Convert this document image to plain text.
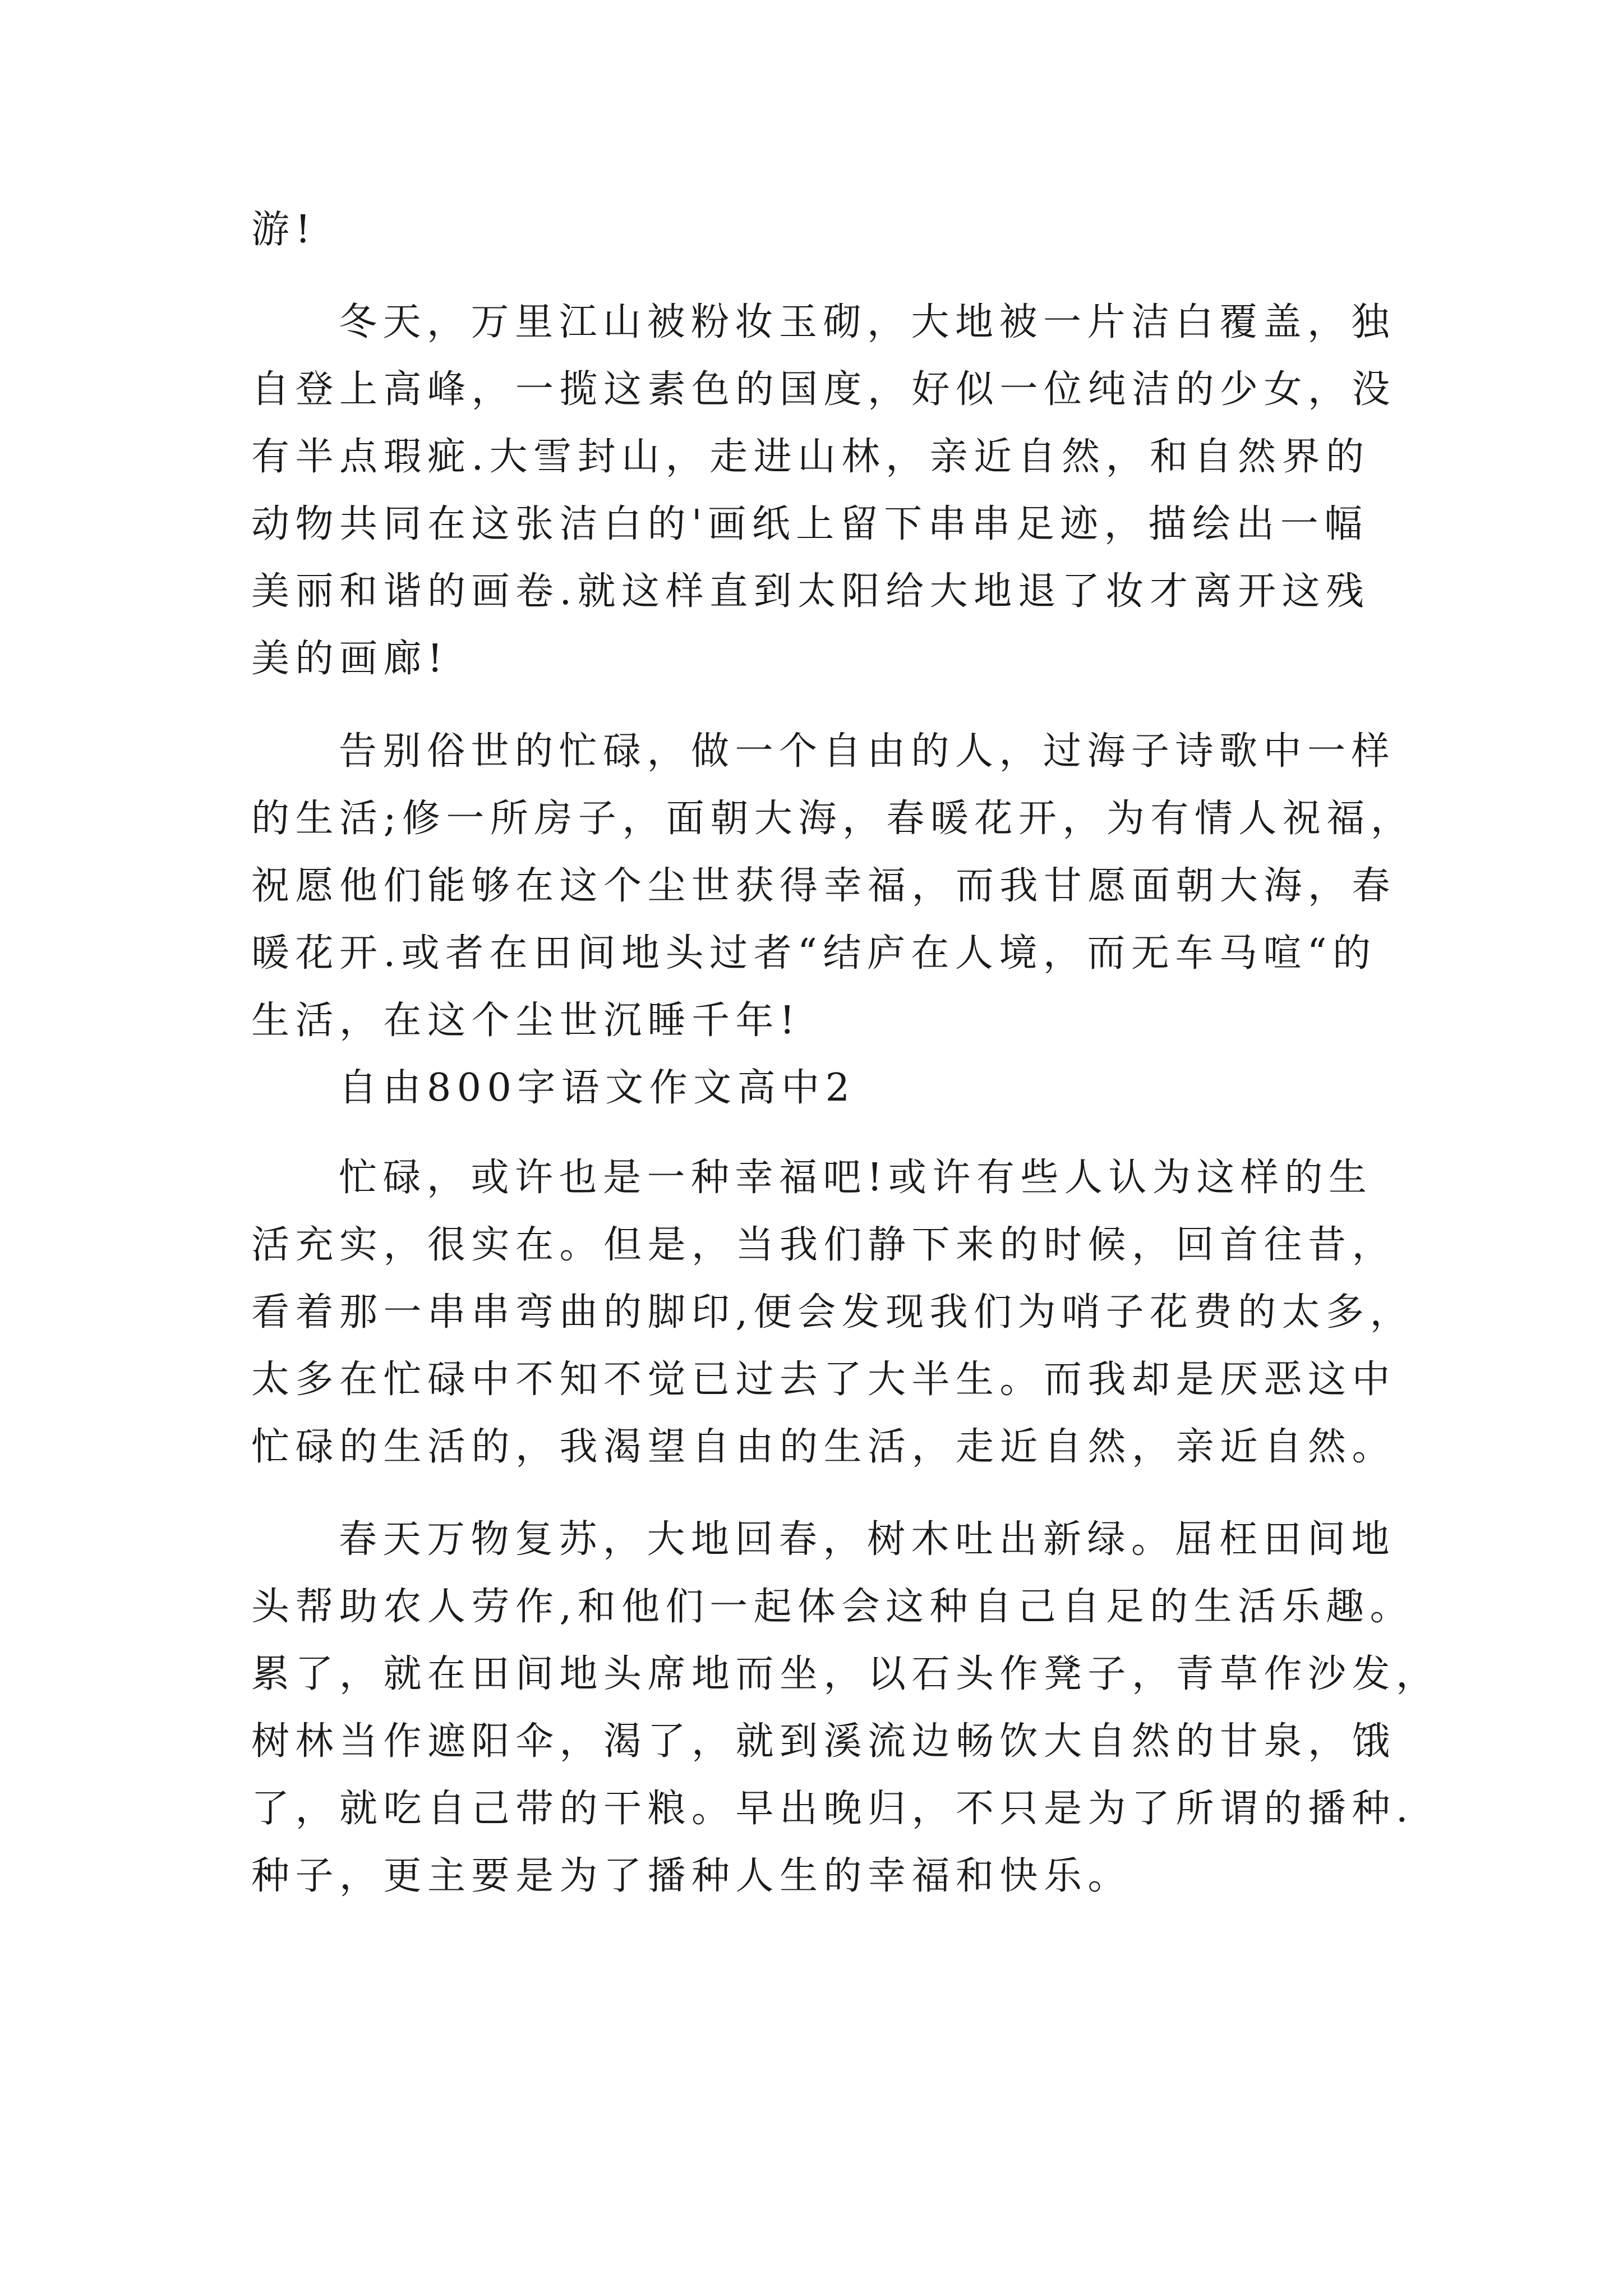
游!
冬天，万里江山被粉妆玉砌，大地被一片洁白覆盖，独
自登上高峰，一揽这素色的国度，好似一位纯洁的少女，没
有半点瑕疵.大雪封山，走进山林，亲近自然，和自然界的
动物共同在这张洁白的'画纸上留下串串足迹，描绘出一幅
美丽和谐的画卷.就这样直到太阳给大地退了妆才离开这残
美的画廊!
告别俗世的忙碌，做一个自由的人，过海子诗歌中一样
的生活;修一所房子，面朝大海，春暖花开，为有情人祝福，
祝愿他们能够在这个尘世获得幸福，而我甘愿面朝大海，春
暖花开.或者在田间地头过者“结庐在人境，而无车马喧“的
生活，在这个尘世沉睡千年!
自由800字语文作文高中2
忙碌，或许也是一种幸福吧!或许有些人认为这样的生
活充实，很实在。但是，当我们静下来的时候，回首往昔，
看着那一串串弯曲的脚印,便会发现我们为哨子花费的太多，
太多在忙碌中不知不觉已过去了大半生。而我却是厌恶这中
忙碌的生活的，我渴望自由的生活，走近自然，亲近自然。
春天万物复苏，大地回春，树木吐出新绿。屈枉田间地
头帮助农人劳作,和他们一起体会这种自己自足的生活乐趣。
累了，就在田间地头席地而坐，以石头作凳子，青草作沙发，
树林当作遮阳伞，渴了，就到溪流边畅饮大自然的甘泉，饿
了，就吃自己带的干粮。早出晚归，不只是为了所谓的播种.
种子，更主要是为了播种人生的幸福和快乐。
